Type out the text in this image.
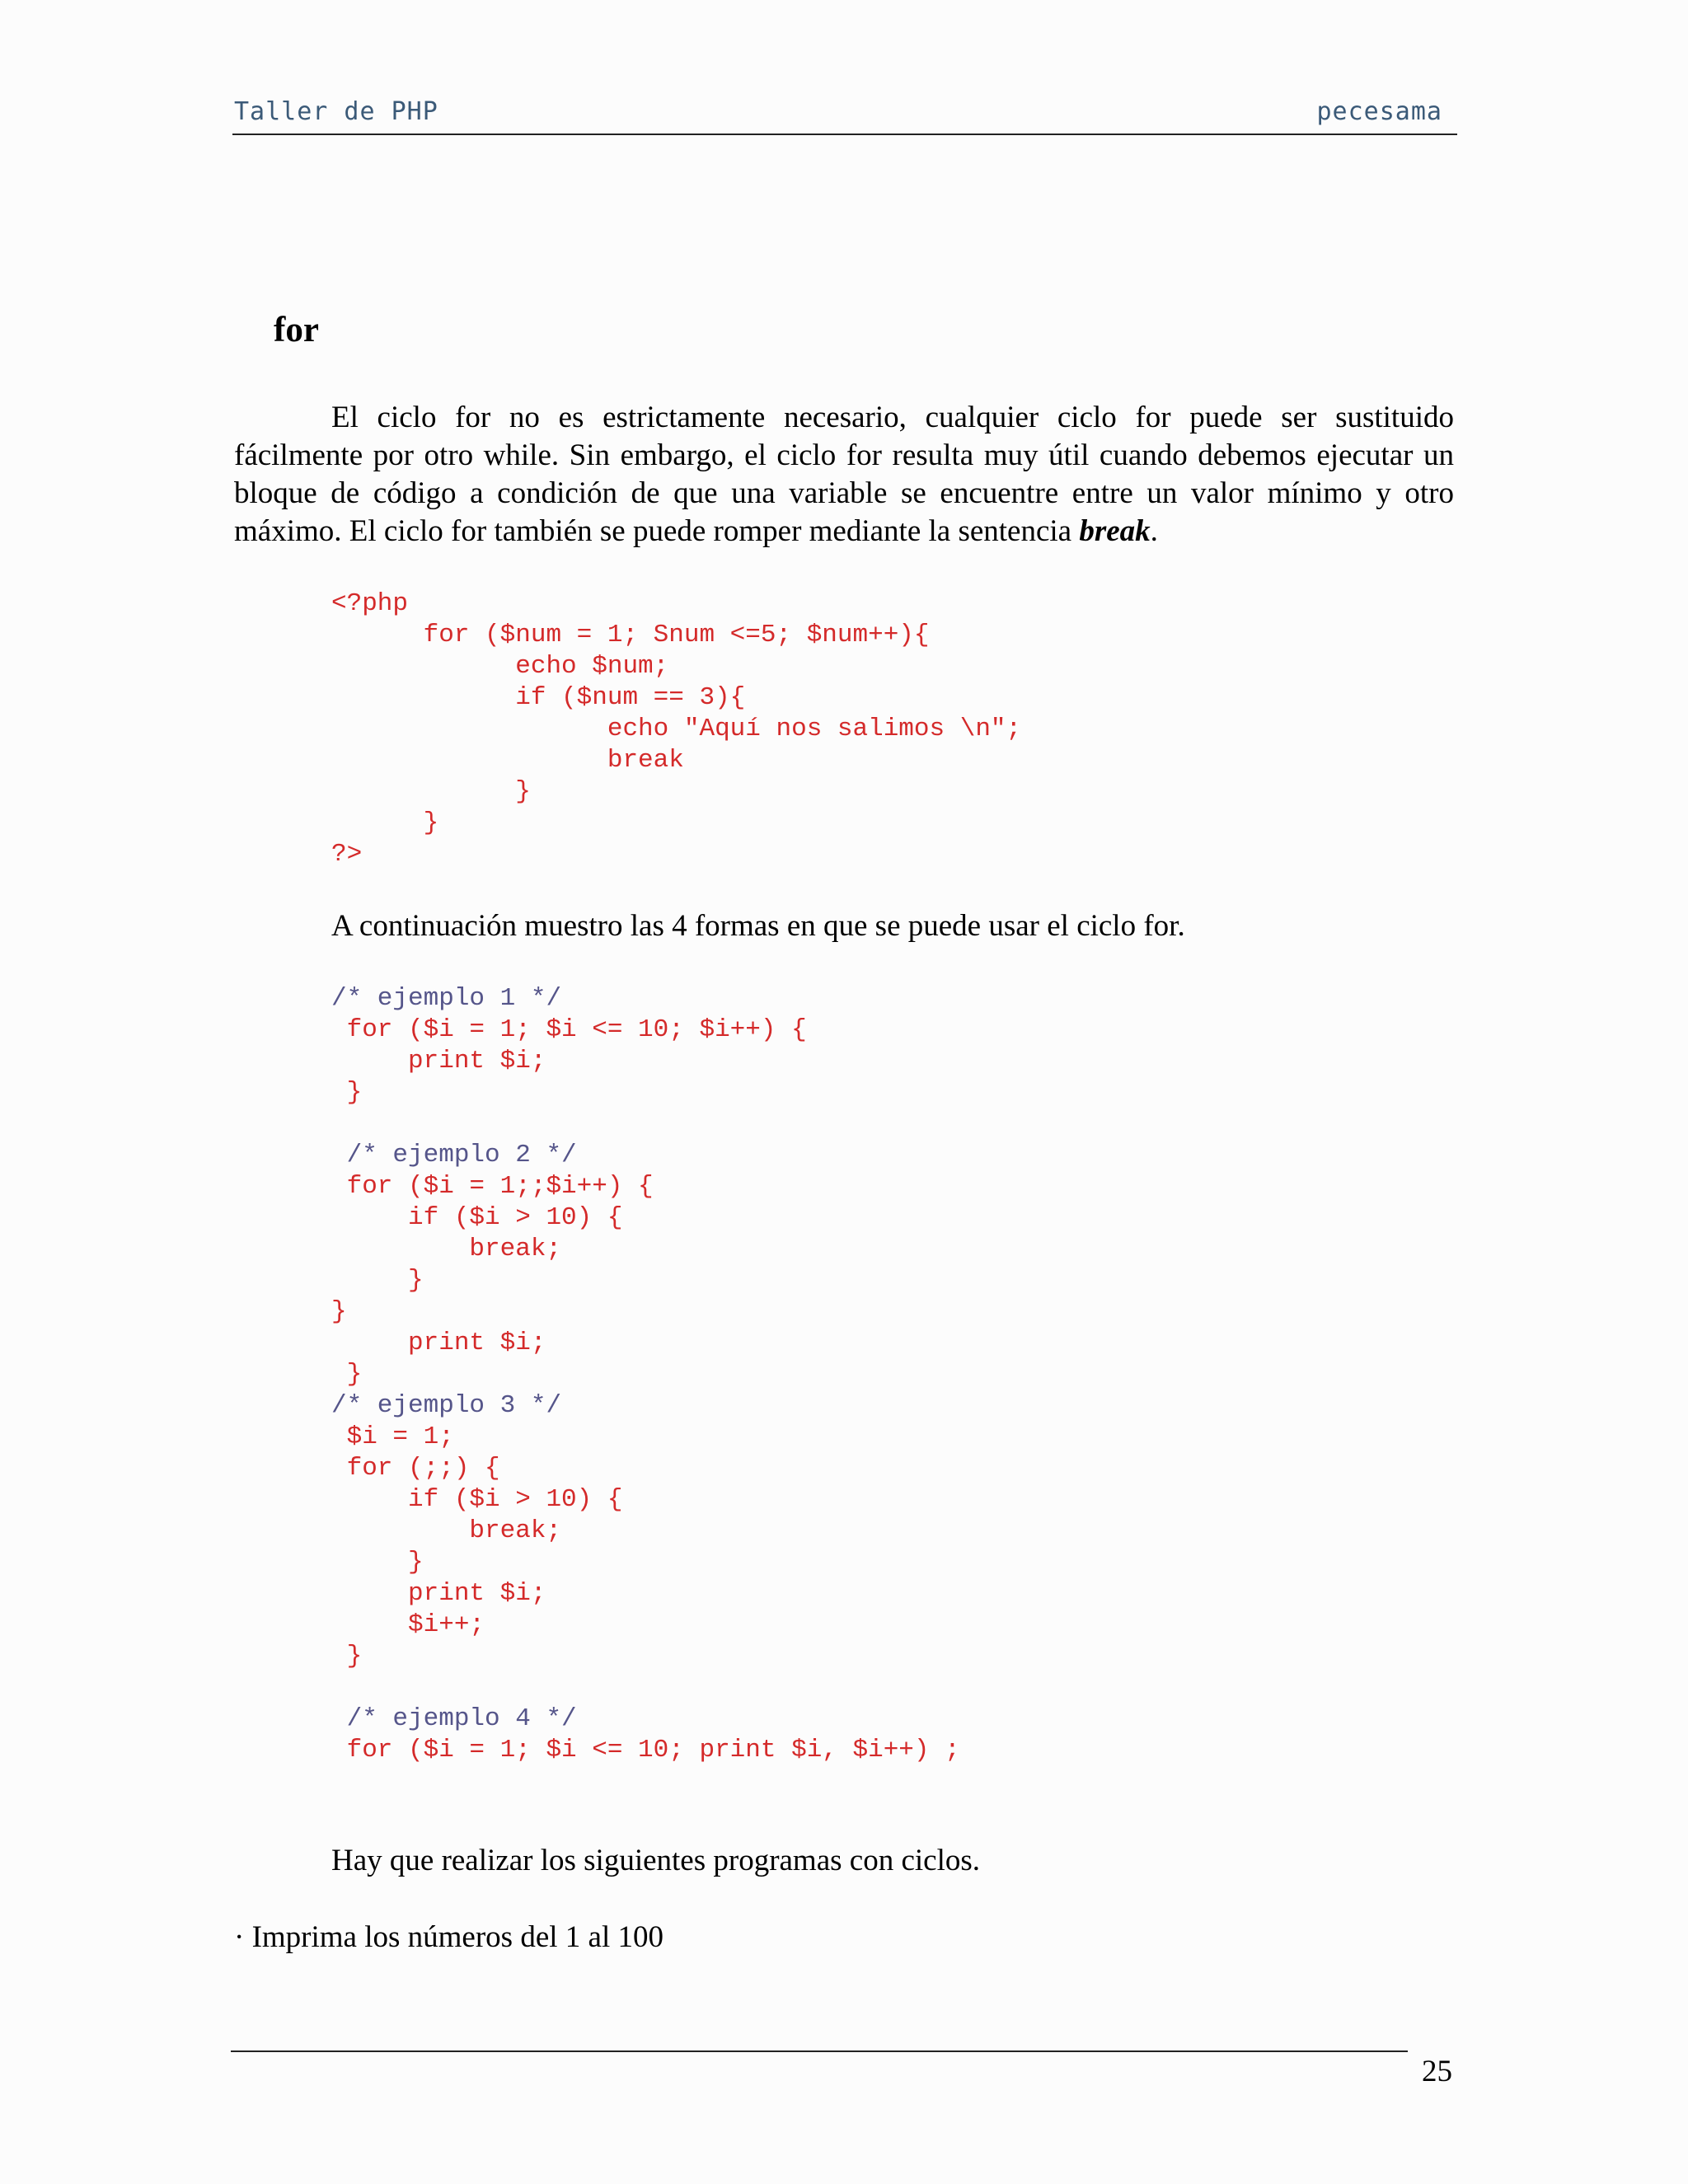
Taller de PHP	pecesama
for
El ciclo for no es estrictamente necesario, cualquier ciclo for puede ser sustituido fácilmente por otro while. Sin embargo, el ciclo for resulta muy útil cuando debemos ejecutar un bloque de código a condición de que una variable se encuentre entre un valor mínimo y otro máximo. El ciclo for también se puede romper mediante la sentencia break.
<?php
for ($num = 1; Snum <=5; $num++){
echo $num;
if ($num == 3){
echo "Aquí nos salimos \n";
break
}
}
?>
A continuación muestro las 4 formas en que se puede usar el ciclo for.
/* ejemplo 1 */
for ($i = 1; $i <= 10; $i++) {
print $i;
}

/* ejemplo 2 */
for ($i = 1;;$i++) {
if ($i > 10) {
break;
}
}
print $i;
}
/* ejemplo 3 */
$i = 1;
for (;;) {
if ($i > 10) {
break;
}
print $i;
$i++;
}

/* ejemplo 4 */
for ($i = 1; $i <= 10; print $i, $i++) ;
Hay que realizar los siguientes programas con ciclos.
· Imprima los números del 1 al 100
25
